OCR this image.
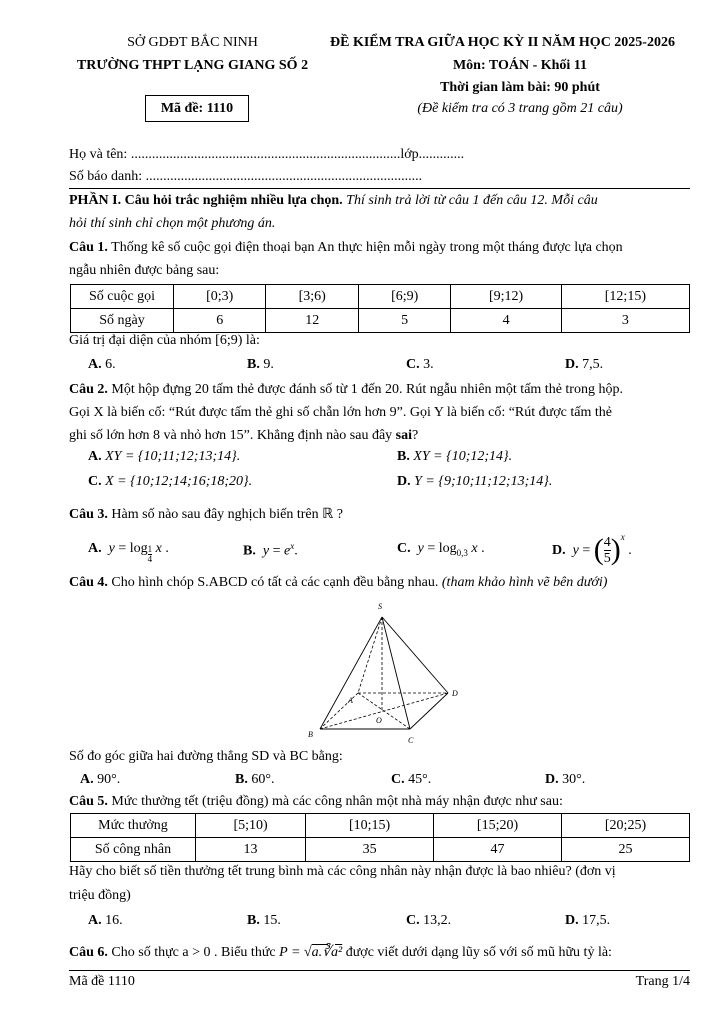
SỞ GDĐT BẮC NINH
TRƯỜNG THPT LẠNG GIANG SỐ 2
ĐỀ KIỂM TRA GIỮA HỌC KỲ II NĂM HỌC 2025-2026
Môn: TOÁN - Khối 11
Thời gian làm bài: 90 phút
(Đề kiểm tra có 3 trang gồm 21 câu)
Mã đề: 1110
Họ và tên: .............................................................................lớp.............
Số báo danh: ...............................................................................
PHẦN I. Câu hỏi trắc nghiệm nhiều lựa chọn. Thí sinh trả lời từ câu 1 đến câu 12. Mỗi câu
hỏi thí sinh chỉ chọn một phương án.
Câu 1. Thống kê số cuộc gọi điện thoại bạn An thực hiện mỗi ngày trong một tháng được lựa chọn
ngẫu nhiên được bảng sau:
Số cuộc gọi	[0;3)	[3;6)	[6;9)	[9;12)	[12;15)
Số ngày	6	12	5	4	3
Giá trị đại diện của nhóm [6;9) là:
A. 6.	B. 9.	C. 3.	D. 7,5.
Câu 2. Một hộp đựng 20 tấm thẻ được đánh số từ 1 đến 20. Rút ngẫu nhiên một tấm thẻ trong hộp.
Gọi X là biến cố: “Rút được tấm thẻ ghi số chẵn lớn hơn 9”. Gọi Y là biến cố: “Rút được tấm thẻ
ghi số lớn hơn 8 và nhỏ hơn 15”. Khẳng định nào sau đây sai?
A. XY = {10;11;12;13;14}.	B. XY = {10;12;14}.
C. X = {10;12;14;16;18;20}.	D. Y = {9;10;11;12;13;14}.
Câu 3. Hàm số nào sau đây nghịch biến trên ℝ ?
A.  $y = \log \frac{1}{4}$ x .	B.  $y = e^x$.	C.  $y = \log_{0,3} x$ .	D.  y = ( $\frac{4}{5} )^x$ .
Câu 4. Cho hình chóp S.ABCD có tất cả các cạnh đều bằng nhau. (tham khảo hình vẽ bên dưới)
S
A
B
C
D
O
Số đo góc giữa hai đường thẳng SD và BC bằng:
A. 90°.	B. 60°.	C. 45°.	D. 30°.
Câu 5. Mức thưởng tết (triệu đồng) mà các công nhân một nhà máy nhận được như sau:
Mức thưởng	[5;10)	[10;15)	[15;20)	[20;25)
Số công nhân	13	35	47	25
Hãy cho biết số tiền thưởng tết trung bình mà các công nhân này nhận được là bao nhiêu? (đơn vị
triệu đồng)
A. 16.	B. 15.	C. 13,2.	D. 17,5.
Câu 6. Cho số thực a > 0 . Biểu thức P = √a.∛a² được viết dưới dạng lũy số với số mũ hữu tỷ là:
Mã đề 1110	Trang 1/4
